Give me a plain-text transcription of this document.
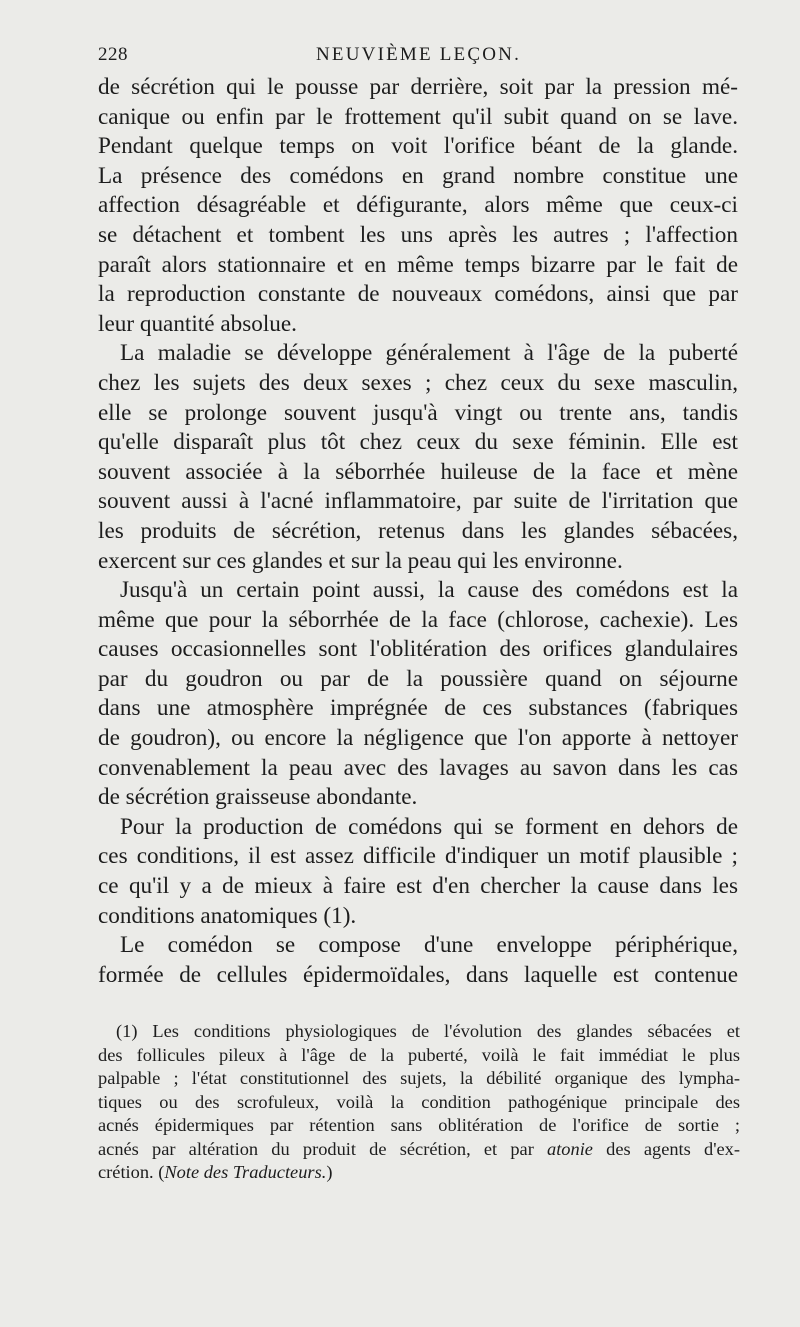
228	NEUVIÈME LEÇON.

de sécrétion qui le pousse par derrière, soit par la pression mé-

canique ou enfin par le frottement qu'il subit quand on se lave.

Pendant quelque temps on voit l'orifice béant de la glande.

La présence des comédons en grand nombre constitue une

affection désagréable et défigurante, alors même que ceux-ci

se détachent et tombent les uns après les autres ; l'affection

paraît alors stationnaire et en même temps bizarre par le fait de

la reproduction constante de nouveaux comédons, ainsi que par

leur quantité absolue.

La maladie se développe généralement à l'âge de la puberté

chez les sujets des deux sexes ; chez ceux du sexe masculin,

elle se prolonge souvent jusqu'à vingt ou trente ans, tandis

qu'elle disparaît plus tôt chez ceux du sexe féminin. Elle est

souvent associée à la séborrhée huileuse de la face et mène

souvent aussi à l'acné inflammatoire, par suite de l'irritation que

les produits de sécrétion, retenus dans les glandes sébacées,

exercent sur ces glandes et sur la peau qui les environne.

Jusqu'à un certain point aussi, la cause des comédons est la

même que pour la séborrhée de la face (chlorose, cachexie). Les

causes occasionnelles sont l'oblitération des orifices glandulaires

par du goudron ou par de la poussière quand on séjourne

dans une atmosphère imprégnée de ces substances (fabriques

de goudron), ou encore la négligence que l'on apporte à nettoyer

convenablement la peau avec des lavages au savon dans les cas

de sécrétion graisseuse abondante.

Pour la production de comédons qui se forment en dehors de

ces conditions, il est assez difficile d'indiquer un motif plausible ;

ce qu'il y a de mieux à faire est d'en chercher la cause dans les

conditions anatomiques (1).

Le comédon se compose d'une enveloppe périphérique,

formée de cellules épidermoïdales, dans laquelle est contenue

(1) Les conditions physiologiques de l'évolution des glandes sébacées et

des follicules pileux à l'âge de la puberté, voilà le fait immédiat le plus

palpable ; l'état constitutionnel des sujets, la débilité organique des lympha-

tiques ou des scrofuleux, voilà la condition pathogénique principale des

acnés épidermiques par rétention sans oblitération de l'orifice de sortie ;

acnés par altération du produit de sécrétion, et par atonie des agents d'ex-

crétion. (Note des Traducteurs.)
